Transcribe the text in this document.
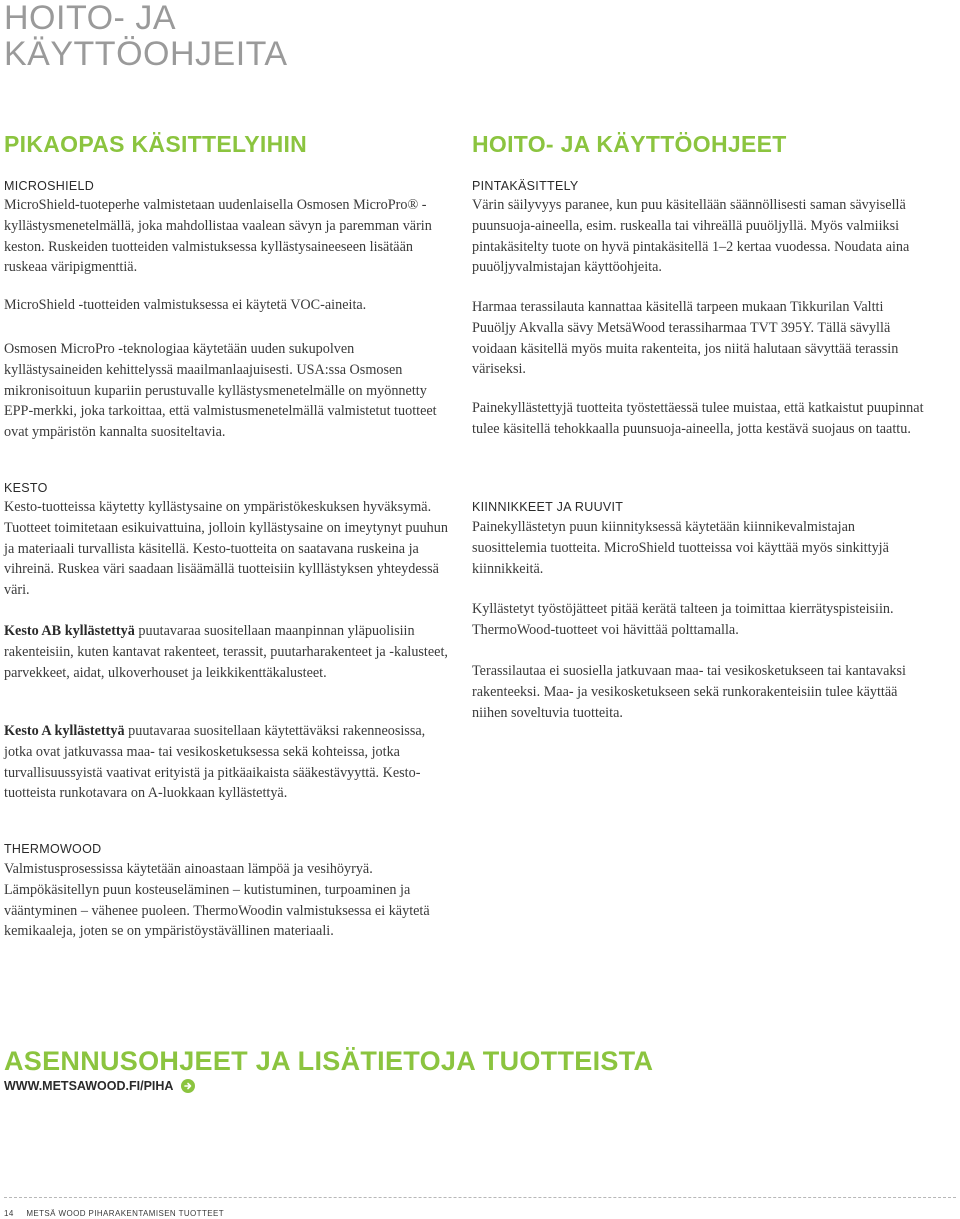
HOITO- JA
KÄYTTÖOHJEITA
PIKAOPAS KÄSITTELYIHIN
MICROSHIELD
MicroShield-tuoteperhe valmistetaan uudenlaisella Osmosen MicroPro® -kyllästysmenetelmällä, joka mahdollistaa vaalean sävyn ja paremman värin keston. Ruskeiden tuotteiden valmistuksessa kyllästysaineeseen lisätään ruskeaa väripigmenttiä.
MicroShield -tuotteiden valmistuksessa ei käytetä VOC-aineita.
Osmosen MicroPro -teknologiaa käytetään uuden sukupolven kyllästysaineiden kehittelyssä maailmanlaajuisesti. USA:ssa Osmosen mikronisoituun kupariin perustuvalle kyllästysmenetelmälle on myönnetty EPP-merkki, joka tarkoittaa, että valmistusmenetelmällä valmistetut tuotteet ovat ympäristön kannalta suositeltavia.
KESTO
Kesto-tuotteissa käytetty kyllästysaine on ympäristökeskuksen hyväksymä. Tuotteet toimitetaan esikuivattuina, jolloin kyllästysaine on imeytynyt puuhun ja materiaali turvallista käsitellä. Kesto-tuotteita on saatavana ruskeina ja vihreinä. Ruskea väri saadaan lisäämällä tuotteisiin kylllästyksen yhteydessä väri.
Kesto AB kyllästettyä puutavaraa suositellaan maanpinnan yläpuolisiin rakenteisiin, kuten kantavat rakenteet, terassit, puutarharakenteet ja -kalusteet, parvekkeet, aidat, ulkoverhouset ja leikkikenttäkalusteet.
Kesto A kyllästettyä puutavaraa suositellaan käytettäväksi rakenneosissa, jotka ovat jatkuvassa maa- tai vesikosketuksessa sekä kohteissa, jotka turvallisuussyistä vaativat erityistä ja pitkäaikaista sääkestävyyttä. Kesto-tuotteista runkotavara on A-luokkaan kyllästettyä.
THERMOWOOD
Valmistusprosessissa käytetään ainoastaan lämpöä ja vesihöyryä. Lämpökäsitellyn puun kosteuseläminen – kutistuminen, turpoaminen ja vääntyminen – vähenee puoleen. ThermoWoodin valmistuksessa ei käytetä kemikaaleja, joten se on ympäristöystävällinen materiaali.
HOITO- JA KÄYTTÖOHJEET
PINTAKÄSITTELY
Värin säilyvyys paranee, kun puu käsitellään säännöllisesti saman sävyisellä puunsuoja-aineella, esim. ruskealla tai vihreällä puuöljyllä. Myös valmiiksi pintakäsitelty tuote on hyvä pintakäsitellä 1–2 kertaa vuodessa. Noudata aina puuöljyvalmistajan käyttöohjeita.
Harmaa terassilauta kannattaa käsitellä tarpeen mukaan Tikkurilan Valtti Puuöljy Akvalla sävy MetsäWood terassiharmaa TVT 395Y. Tällä sävyllä voidaan käsitellä myös muita rakenteita, jos niitä halutaan sävyttää terassin väriseksi.
Painekyllästettyjä tuotteita työstettäessä tulee muistaa, että katkaistut puupinnat tulee käsitellä tehokkaalla puunsuoja-aineella, jotta kestävä suojaus on taattu.
KIINNIKKEET JA RUUVIT
Painekyllästetyn puun kiinnityksessä käytetään kiinnikevalmistajan suosittelemia tuotteita. MicroShield tuotteissa voi käyttää myös sinkittyjä kiinnikkeitä.
Kyllästetyt työstöjätteet pitää kerätä talteen ja toimittaa kierrätyspisteisiin. ThermoWood-tuotteet voi hävittää polttamalla.
Terassilautaa ei suosiella jatkuvaan maa- tai vesikosketukseen tai kantavaksi rakenteeksi. Maa- ja vesikosketukseen sekä runkorakenteisiin tulee käyttää niihen soveltuvia tuotteita.
ASENNUSOHJEET JA LISÄTIETOJA TUOTTEISTA
WWW.METSAWOOD.FI/PIHA
14 METSÄ WOOD PIHARAKENTAMISEN TUOTTEET
